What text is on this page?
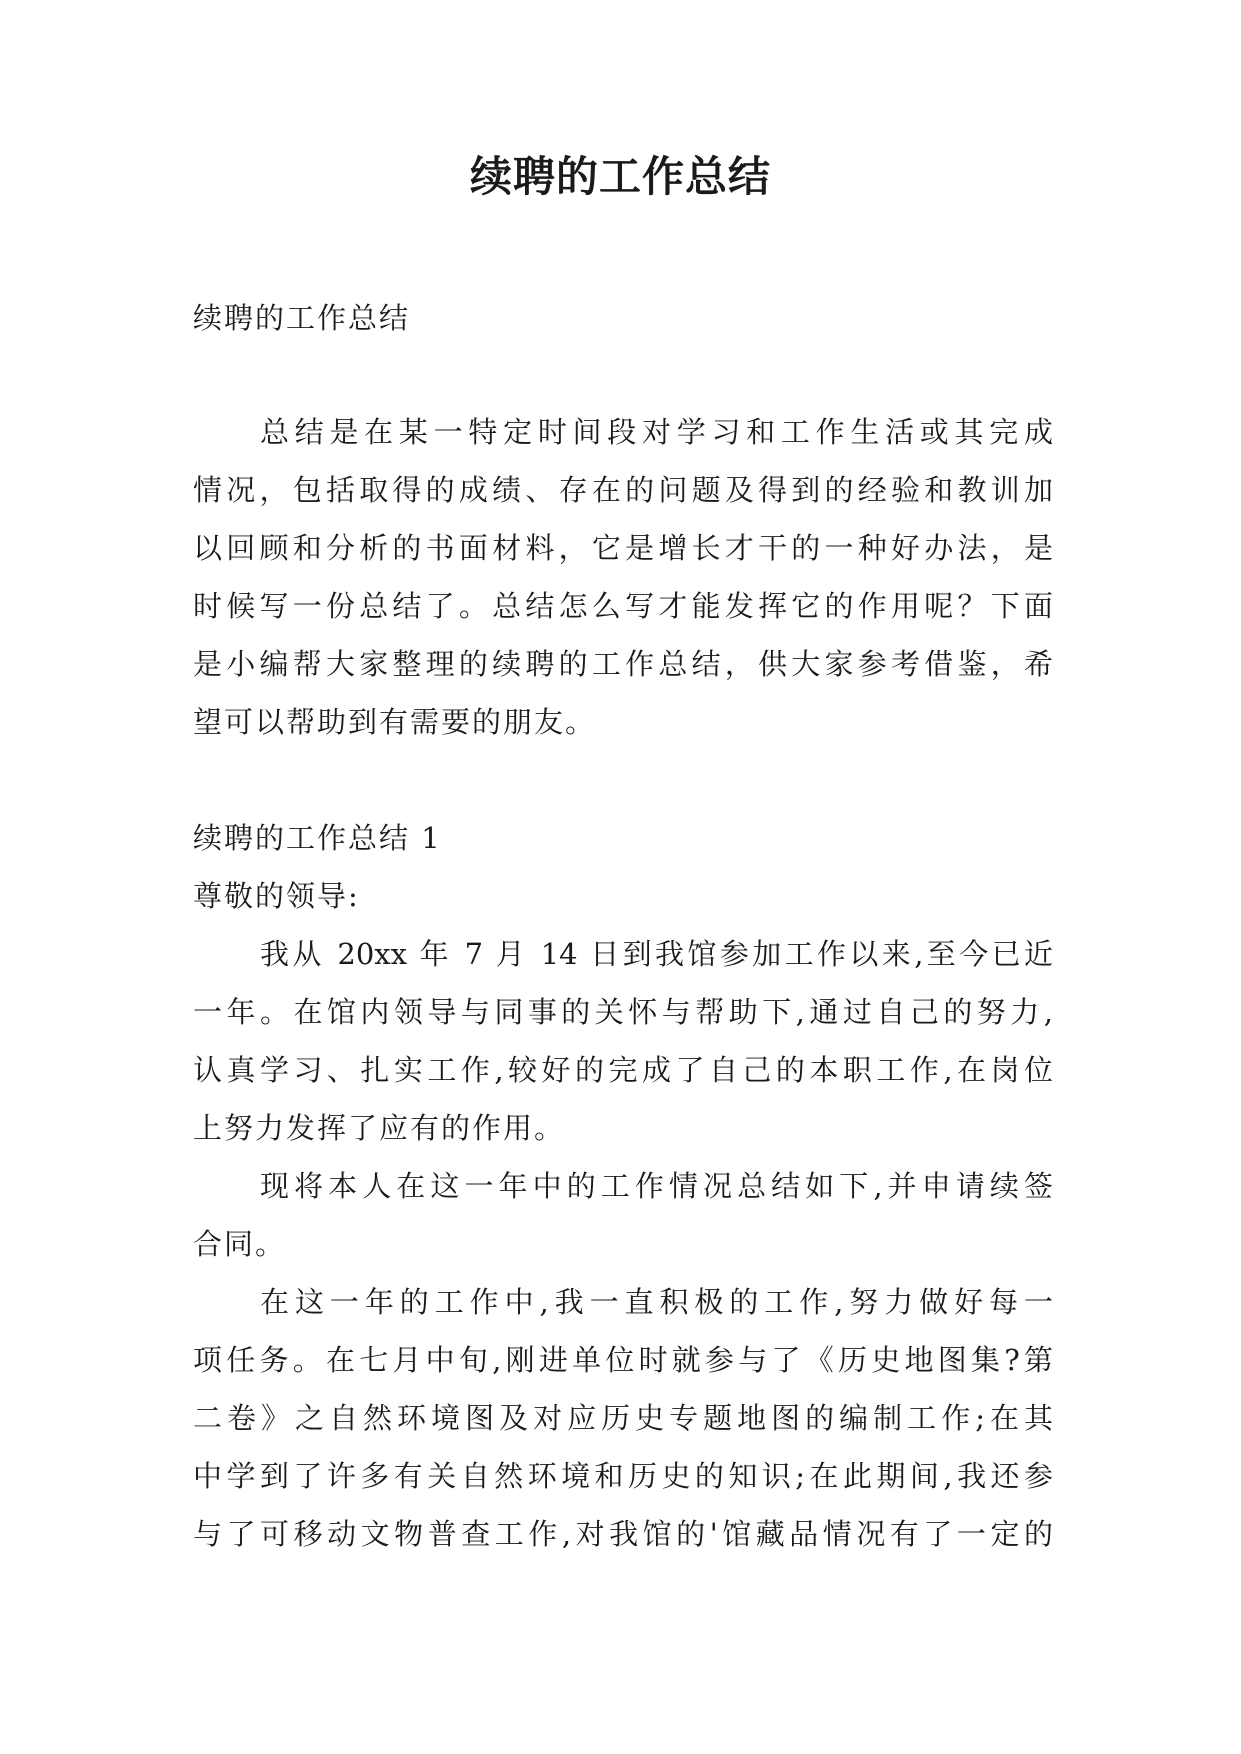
续聘的工作总结
续聘的工作总结
总结是在某一特定时间段对学习和工作生活或其完成
情况，包括取得的成绩、存在的问题及得到的经验和教训加
以回顾和分析的书面材料，它是增长才干的一种好办法，是
时候写一份总结了。总结怎么写才能发挥它的作用呢？下面
是小编帮大家整理的续聘的工作总结，供大家参考借鉴，希
望可以帮助到有需要的朋友。
续聘的工作总结 1
尊敬的领导:
我从 20xx 年 7 月 14 日到我馆参加工作以来,至今已近
一年。在馆内领导与同事的关怀与帮助下,通过自己的努力,
认真学习、扎实工作,较好的完成了自己的本职工作,在岗位
上努力发挥了应有的作用。
现将本人在这一年中的工作情况总结如下,并申请续签
合同。
在这一年的工作中,我一直积极的工作,努力做好每一
项任务。在七月中旬,刚进单位时就参与了《历史地图集?第
二卷》之自然环境图及对应历史专题地图的编制工作;在其
中学到了许多有关自然环境和历史的知识;在此期间,我还参
与了可移动文物普查工作,对我馆的'馆藏品情况有了一定的
